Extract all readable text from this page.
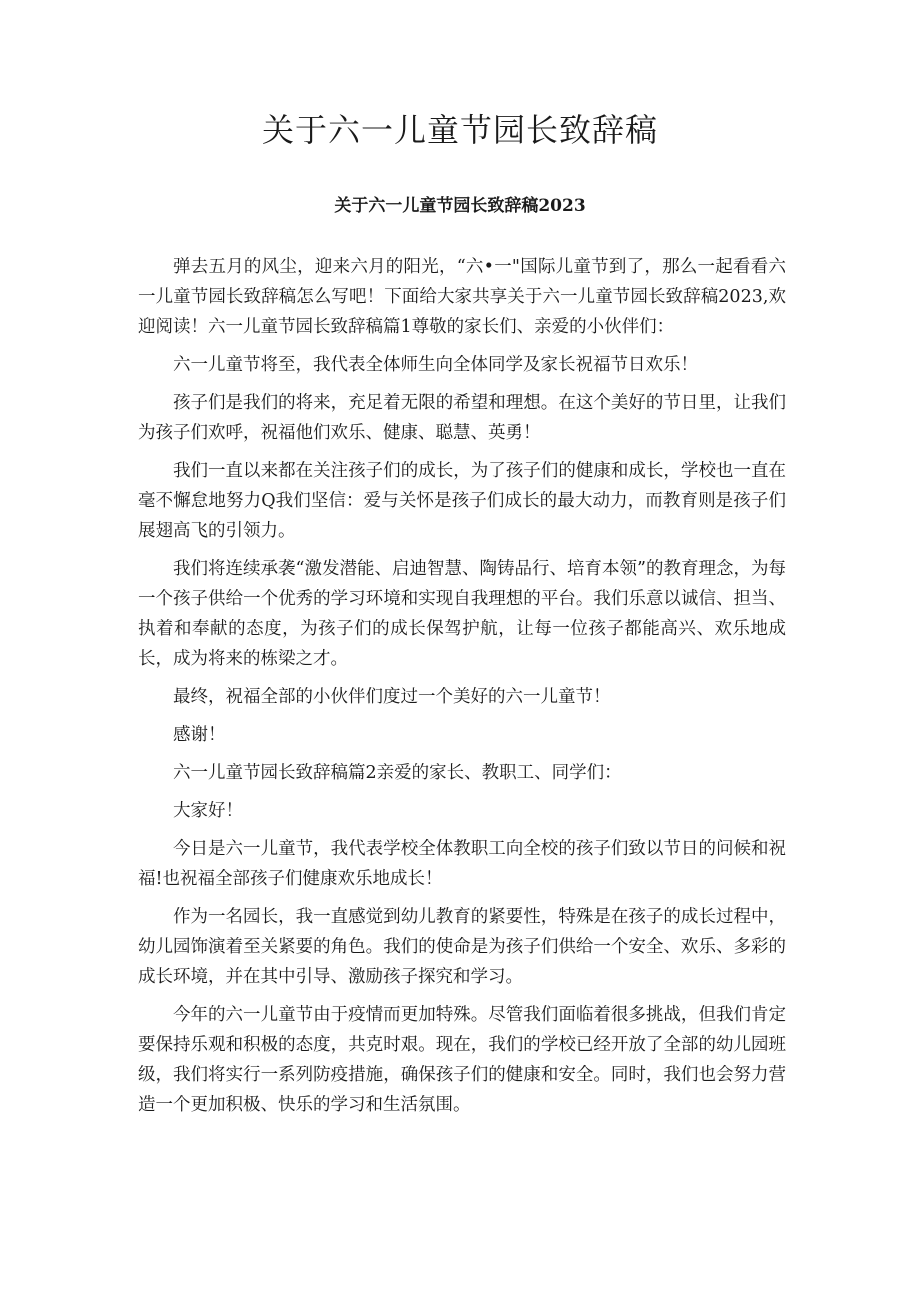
关于六一儿童节园长致辞稿
关于六一儿童节园长致辞稿2023

弹去五月的风尘，迎来六月的阳光，“六•一"国际儿童节到了，那么一起看看六一儿童节园长致辞稿怎么写吧！下面给大家共享关于六一儿童节园长致辞稿2023,欢迎阅读！六一儿童节园长致辞稿篇1尊敬的家长们、亲爱的小伙伴们：

六一儿童节将至，我代表全体师生向全体同学及家长祝福节日欢乐！

孩子们是我们的将来，充足着无限的希望和理想。在这个美好的节日里，让我们为孩子们欢呼，祝福他们欢乐、健康、聪慧、英勇！

我们一直以来都在关注孩子们的成长，为了孩子们的健康和成长，学校也一直在毫不懈怠地努力Q我们坚信：爱与关怀是孩子们成长的最大动力，而教育则是孩子们展翅高飞的引领力。

我们将连续承袭“激发潜能、启迪智慧、陶铸品行、培育本领”的教育理念，为每一个孩子供给一个优秀的学习环境和实现自我理想的平台。我们乐意以诚信、担当、执着和奉献的态度，为孩子们的成长保驾护航，让每一位孩子都能高兴、欢乐地成长，成为将来的栋梁之才。

最终，祝福全部的小伙伴们度过一个美好的六一儿童节！

感谢！

六一儿童节园长致辞稿篇2亲爱的家长、教职工、同学们：

大家好！

今日是六一儿童节，我代表学校全体教职工向全校的孩子们致以节日的问候和祝福!也祝福全部孩子们健康欢乐地成长！

作为一名园长，我一直感觉到幼儿教育的紧要性，特殊是在孩子的成长过程中，幼儿园饰演着至关紧要的角色。我们的使命是为孩子们供给一个安全、欢乐、多彩的成长环境，并在其中引导、激励孩子探究和学习。

今年的六一儿童节由于疫情而更加特殊。尽管我们面临着很多挑战，但我们肯定要保持乐观和积极的态度，共克时艰。现在，我们的学校已经开放了全部的幼儿园班级，我们将实行一系列防疫措施，确保孩子们的健康和安全。同时，我们也会努力营造一个更加积极、快乐的学习和生活氛围。
